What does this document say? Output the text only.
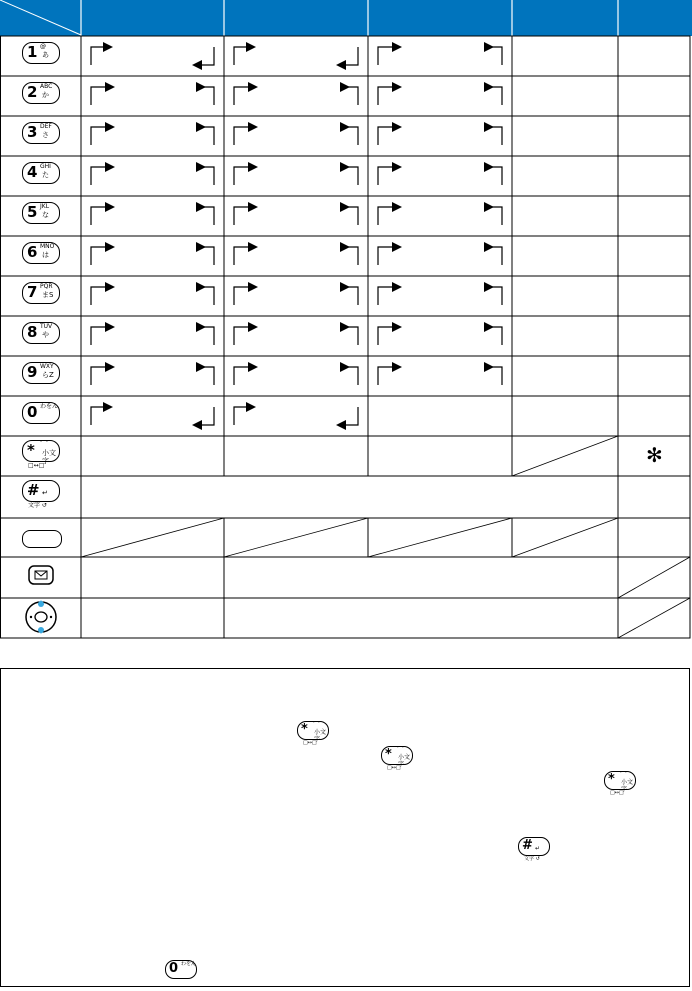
1 @
あ
2 ABC
か
3 DEF
さ
4 GHI
た
5 JKL
な
6 MNO
は
7 PQR
まS
8 TUV
や
9 WXY
らZ
0 わをん
* ゛゜
小文字
□↔□
# ↵
文字 ↺
✻
* ゛゜
小文字
□↔□
* ゛゜
小文字
□↔□
* ゛゜
小文字
□↔□
# ↵
文字 ↺
0 わをん
